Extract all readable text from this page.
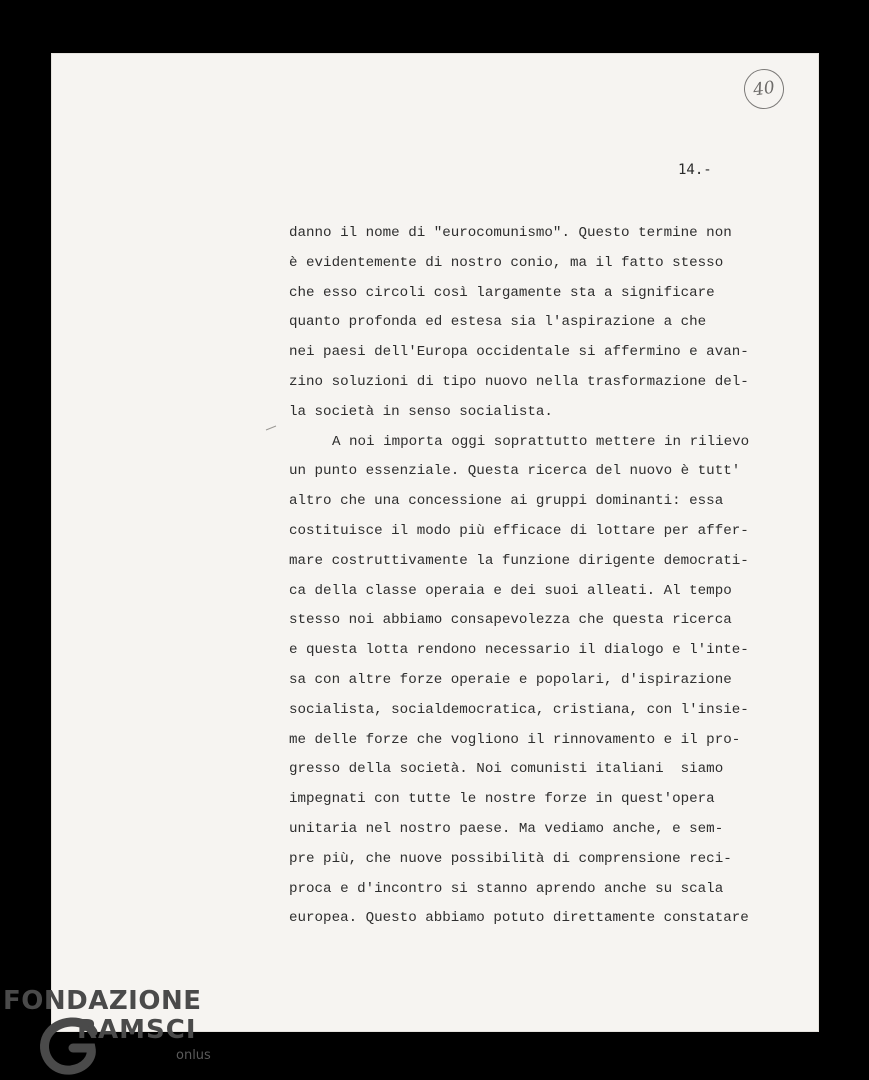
40
14.-
danno il nome di "eurocomunismo". Questo termine non
è evidentemente di nostro conio, ma il fatto stesso
che esso circoli così largamente sta a significare
quanto profonda ed estesa sia l'aspirazione a che
nei paesi dell'Europa occidentale si affermino e avan-
zino soluzioni di tipo nuovo nella trasformazione del-
la società in senso socialista.
A noi importa oggi soprattutto mettere in rilievo
un punto essenziale. Questa ricerca del nuovo è tutt'
altro che una concessione ai gruppi dominanti: essa
costituisce il modo più efficace di lottare per affer-
mare costruttivamente la funzione dirigente democrati-
ca della classe operaia e dei suoi alleati. Al tempo
stesso noi abbiamo consapevolezza che questa ricerca
e questa lotta rendono necessario il dialogo e l'inte-
sa con altre forze operaie e popolari, d'ispirazione
socialista, socialdemocratica, cristiana, con l'insie-
me delle forze che vogliono il rinnovamento e il pro-
gresso della società. Noi comunisti italiani  siamo
impegnati con tutte le nostre forze in quest'opera
unitaria nel nostro paese. Ma vediamo anche, e sem-
pre più, che nuove possibilità di comprensione reci-
proca e d'incontro si stanno aprendo anche su scala
europea. Questo abbiamo potuto direttamente constatare
FONDAZIONE
RAMSCI
onlus
